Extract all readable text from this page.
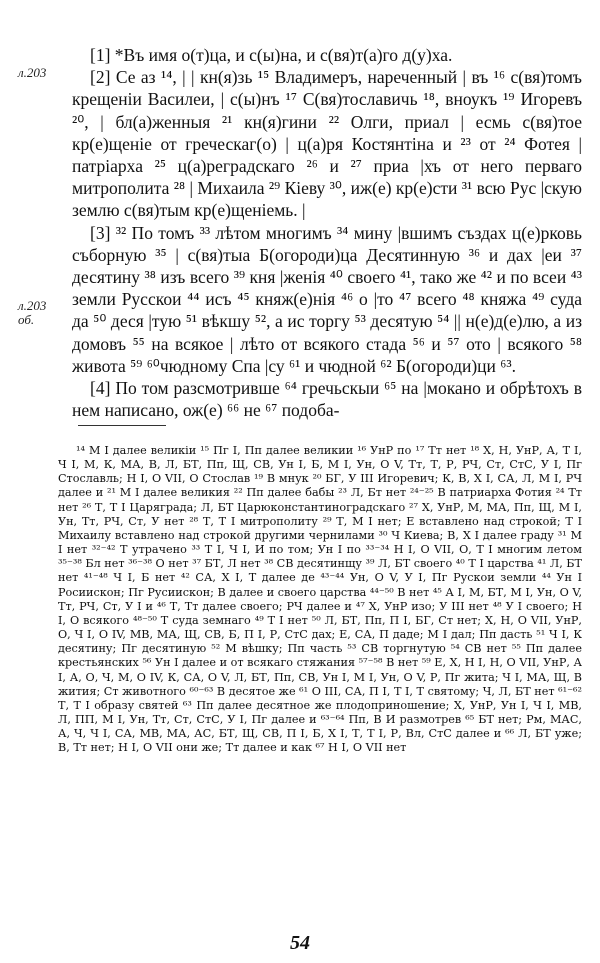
л.203
л.203
об.

[1] *Въ имя о(т)ца, и с(ы)на, и с(вя)т(а)го д(у)ха.

[2] Се аз ¹⁴, | | кн(я)зь ¹⁵ Владимеръ, нареченный | въ ¹⁶ с(вя)томъ крещеніи Василеи, | с(ы)нъ ¹⁷ С(вя)тославичь ¹⁸, вноукъ ¹⁹ Игоревъ ²⁰, | бл(а)женныя ²¹ кн(я)гини ²² Олги, приал | есмь с(вя)тое кр(е)щеніе от греческаг(о) | ц(а)ря Костянтіна и ²³ от ²⁴ Фотея | патріарха ²⁵ ц(а)реградскаго ²⁶ и ²⁷ приа |хъ от него перваго митрополита ²⁸ | Михаила ²⁹ Кіеву ³⁰, иж(е) кр(е)сти ³¹ всю Рус |скую землю с(вя)тым кр(е)щеніемь. |

[3] ³² По томъ ³³ лѣтом многимъ ³⁴ мину |вшимъ създах ц(е)рковь съборную ³⁵ | с(вя)тыа Б(огороди)ца Десятинную ³⁶ и дах |еи ³⁷ десятину ³⁸ изъ всего ³⁹ кня |женія ⁴⁰ своего ⁴¹, тако же ⁴² и по всеи ⁴³ земли Русскои ⁴⁴ исъ ⁴⁵ княж(е)нія ⁴⁶ о |то ⁴⁷ всего ⁴⁸ княжа ⁴⁹ суда да ⁵⁰ деся |тую ⁵¹ вѣкшу ⁵², а ис торгу ⁵³ десятую ⁵⁴ || н(е)д(е)лю, а из домовъ ⁵⁵ на всякое | лѣто от всякого стада ⁵⁶ и ⁵⁷ ото | всякого ⁵⁸ живота ⁵⁹ ⁶⁰чюдному Спа |су ⁶¹ и чюдной ⁶² Б(огороди)ци ⁶³.

[4] По том разсмотривше ⁶⁴ гречьскыи ⁶⁵ на |мокано и обрѣтохъ в нем написано, ож(е) ⁶⁶ не ⁶⁷ подоба-

¹⁴ М I далее великіи ¹⁵ Пг I, Пп далее великии ¹⁶ УнР по ¹⁷ Тт нет ¹⁸ Х, Н, УнР, А, Т I, Ч I, М, К, МА, В, Л, БТ, Пп, Щ, СВ, Ун I, Б, М I, Ун, О V, Тт, Т, Р, РЧ, Ст, СтС, У I, Пг Стославль; Н I, О VII, О Стослав ¹⁹ В мнук ²⁰ БГ, У III Игоревич; К, В, Х I, СА, Л, М I, РЧ далее и ²¹ М I далее великия ²² Пп далее бабы ²³ Л, Бт нет ²⁴⁻²⁵ В патриарха Фотия ²⁴ Тт нет ²⁶ Т, Т I Царяграда; Л, БТ Царюконстантиноградскаго ²⁷ Х, УнР, М, МА, Пп, Щ, М I, Ун, Тт, РЧ, Ст, У нет ²⁸ Т, Т I митрополиту ²⁹ Т, М I нет; Е вставлено над строкой; Т I Михаилу вставлено над строкой другими чернилами ³⁰ Ч Киева; В, Х I далее граду ³¹ М I нет ³²⁻⁴² Т утрачено ³³ Т I, Ч I, И по том; Ун I по ³³⁻³⁴ Н I, О VII, О, Т I многим летом ³⁵⁻³⁸ Бл нет ³⁶⁻³⁸ О нет ³⁷ БТ, Л нет ³⁸ СВ десятинщу ³⁹ Л, БТ своего ⁴⁰ Т I царства ⁴¹ Л, БТ нет ⁴¹⁻⁴⁸ Ч I, Б нет ⁴² СА, Х I, Т далее де ⁴³⁻⁴⁴ Ун, О V, У I, Пг Рускои земли ⁴⁴ Ун I Росиискон; Пг Русиискон; В далее и своего царства ⁴⁴⁻⁵⁰ В нет ⁴⁵ А I, М, БТ, М I, Ун, О V, Тт, РЧ, Ст, У I и ⁴⁶ Т, Тт далее своего; РЧ далее и ⁴⁷ Х, УнР изо; У III нет ⁴⁸ У I своего; Н I, О всякого ⁴⁸⁻⁵⁰ Т суда земнаго ⁴⁹ Т I нет ⁵⁰ Л, БТ, Пп, П I, БГ, Ст нет; Х, Н, О VII, УнР, О, Ч I, О IV, МВ, МА, Щ, СВ, Б, П I, Р, СтС дах; Е, СА, П даде; М I дал; Пп дасть ⁵¹ Ч I, К десятину; Пг десятиную ⁵² М вѣшку; Пп часть ⁵³ СВ торгнутую ⁵⁴ СВ нет ⁵⁵ Пп далее крестьянских ⁵⁶ Ун I далее и от всякаго стяжания ⁵⁷⁻⁵⁸ В нет ⁵⁹ Е, Х, Н I, Н, О VII, УнР, А I, А, О, Ч, М, О IV, К, СА, О V, Л, БТ, Пп, СВ, Ун I, М I, Ун, О V, Р, Пг жита; Ч I, МА, Щ, В жития; Ст животного ⁶⁰⁻⁶³ В десятое же ⁶¹ О III, СА, П I, Т I, Т святому; Ч, Л, БТ нет ⁶¹⁻⁶² Т, Т I образу святей ⁶³ Пп далее десятное же плодоприношение; Х, УнР, Ун I, Ч I, МВ, Л, ПП, М I, Ун, Тт, Ст, СтС, У I, Пг далее и ⁶³⁻⁶⁴ Пп, В И размотрев ⁶⁵ БТ нет; Рм, МАС, А, Ч, Ч I, СА, МВ, МА, АС, БТ, Щ, СВ, П I, Б, Х I, Т, Т I, Р, Вл, СтС далее и ⁶⁶ Л, БТ уже; В, Тт нет; Н I, О VII они же; Тт далее и как ⁶⁷ Н I, О VII нет

54
